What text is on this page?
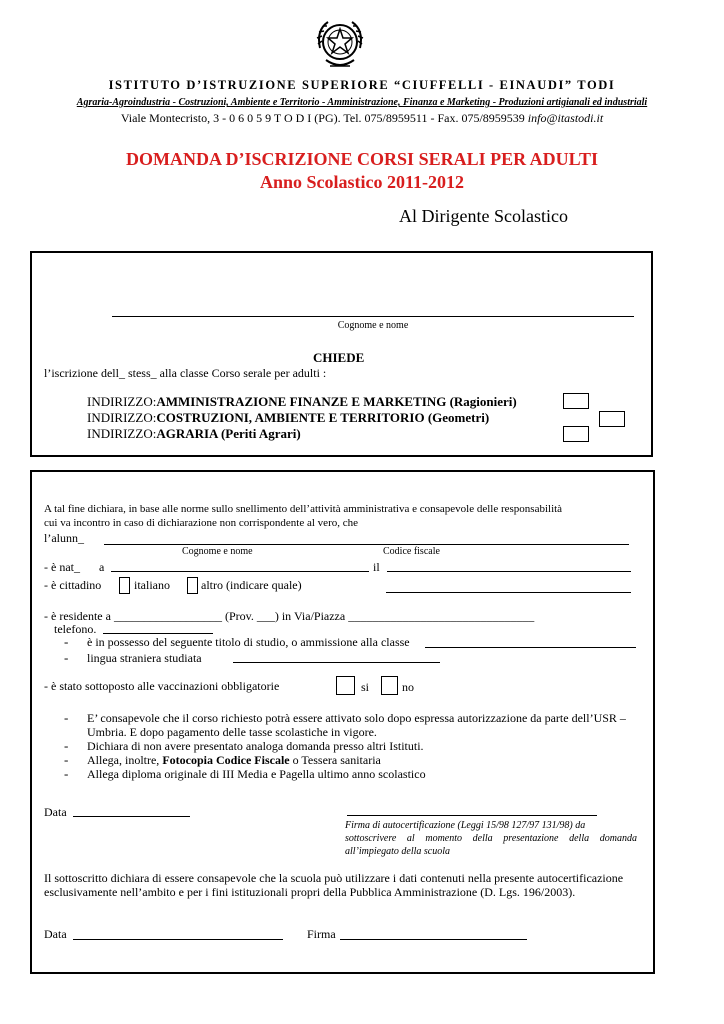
ISTITUTO D’ISTRUZIONE SUPERIORE “CIUFFELLI - EINAUDI” TODI
Agraria-Agroindustria - Costruzioni, Ambiente e Territorio - Amministrazione, Finanza e Marketing - Produzioni artigianali ed industriali
Viale Montecristo, 3 - 0 6 0 5 9 T O D I (PG). Tel. 075/8959511 - Fax. 075/8959539 info@itastodi.it
DOMANDA D’ISCRIZIONE CORSI SERALI PER ADULTI
Anno Scolastico 2011-2012
Al Dirigente Scolastico
Cognome e nome
CHIEDE
l’iscrizione dell_ stess_ alla classe Corso serale per adulti :
INDIRIZZO:AMMINISTRAZIONE FINANZE E MARKETING (Ragionieri)
INDIRIZZO:COSTRUZIONI, AMBIENTE E TERRITORIO (Geometri)
INDIRIZZO:AGRARIA (Periti Agrari)
A tal fine dichiara, in base alle norme sullo snellimento dell’attività amministrativa e consapevole delle responsabilità
cui va incontro in caso di dichiarazione non corrispondente al vero, che
l’alunn_
Cognome e nome	Codice fiscale
- è nat_ a	il
- è cittadino	italiano	altro (indicare quale)
- è residente a __________________ (Prov. ___) in Via/Piazza _______________________________
telefono.
- è in possesso del seguente titolo di studio, o ammissione alla classe
- lingua straniera studiata
- è stato sottoposto alle vaccinazioni obbligatorie	si	no
- E’ consapevole che il corso richiesto potrà essere attivato solo dopo espressa autorizzazione da parte dell’USR –
Umbria. E dopo pagamento delle tasse scolastiche in vigore.
- Dichiara di non avere presentato analoga domanda presso altri Istituti.
- Allega, inoltre, Fotocopia Codice Fiscale o Tessera sanitaria
- Allega diploma originale di III Media e Pagella ultimo anno scolastico
Data
Firma di autocertificazione (Leggi 15/98 127/97 131/98) da
sottoscrivere al momento della presentazione della domanda
all’impiegato della scuola
Il sottoscritto dichiara di essere consapevole che la scuola può utilizzare i dati contenuti nella presente autocertificazione
esclusivamente nell’ambito e per i fini istituzionali propri della Pubblica Amministrazione (D. Lgs. 196/2003).
Data	Firma
